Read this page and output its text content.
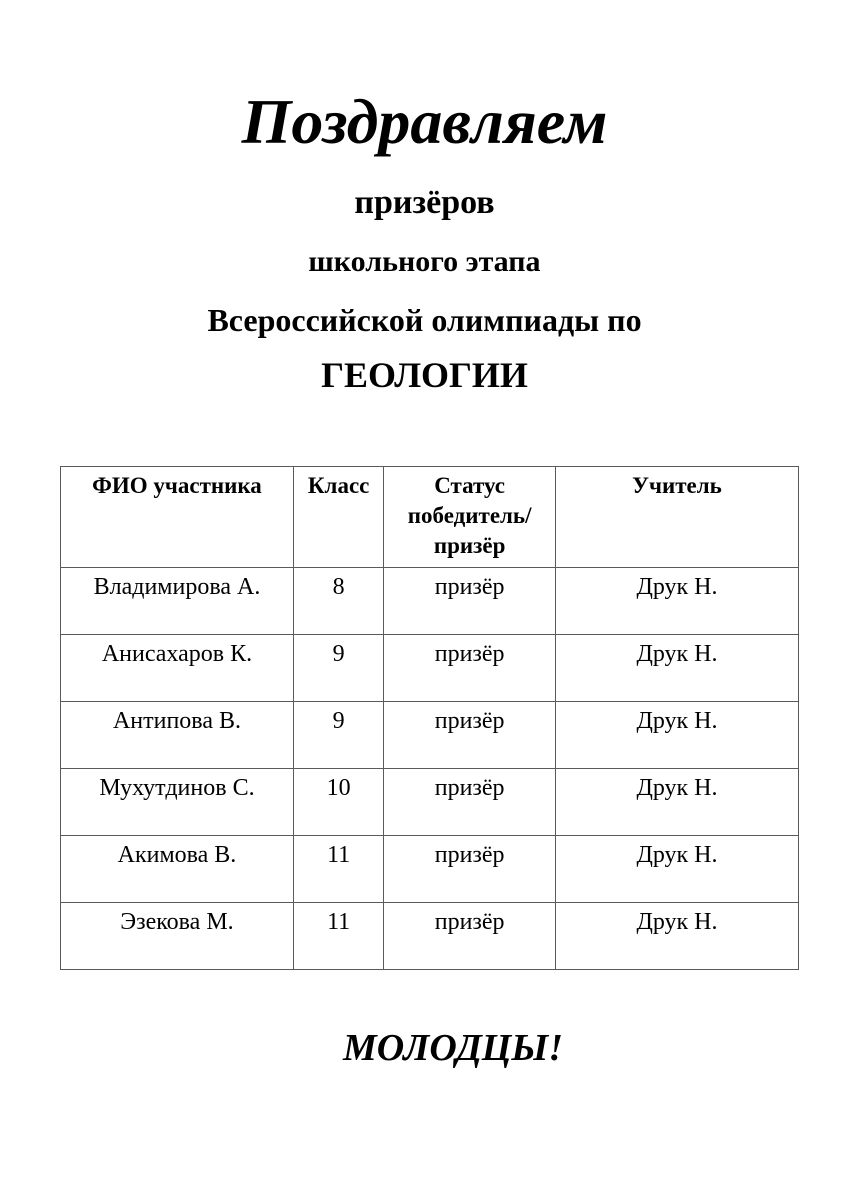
Поздравляем

призёров

школьного этапа

Всероссийской олимпиады по

ГЕОЛОГИИ

ФИО участника	Класс	Статус победитель/ призёр	Учитель
Владимирова А.	8	призёр	Друк Н.
Анисахаров К.	9	призёр	Друк Н.
Антипова В.	9	призёр	Друк Н.
Мухутдинов С.	10	призёр	Друк Н.
Акимова В.	11	призёр	Друк Н.
Эзекова М.	11	призёр	Друк Н.

МОЛОДЦЫ!
